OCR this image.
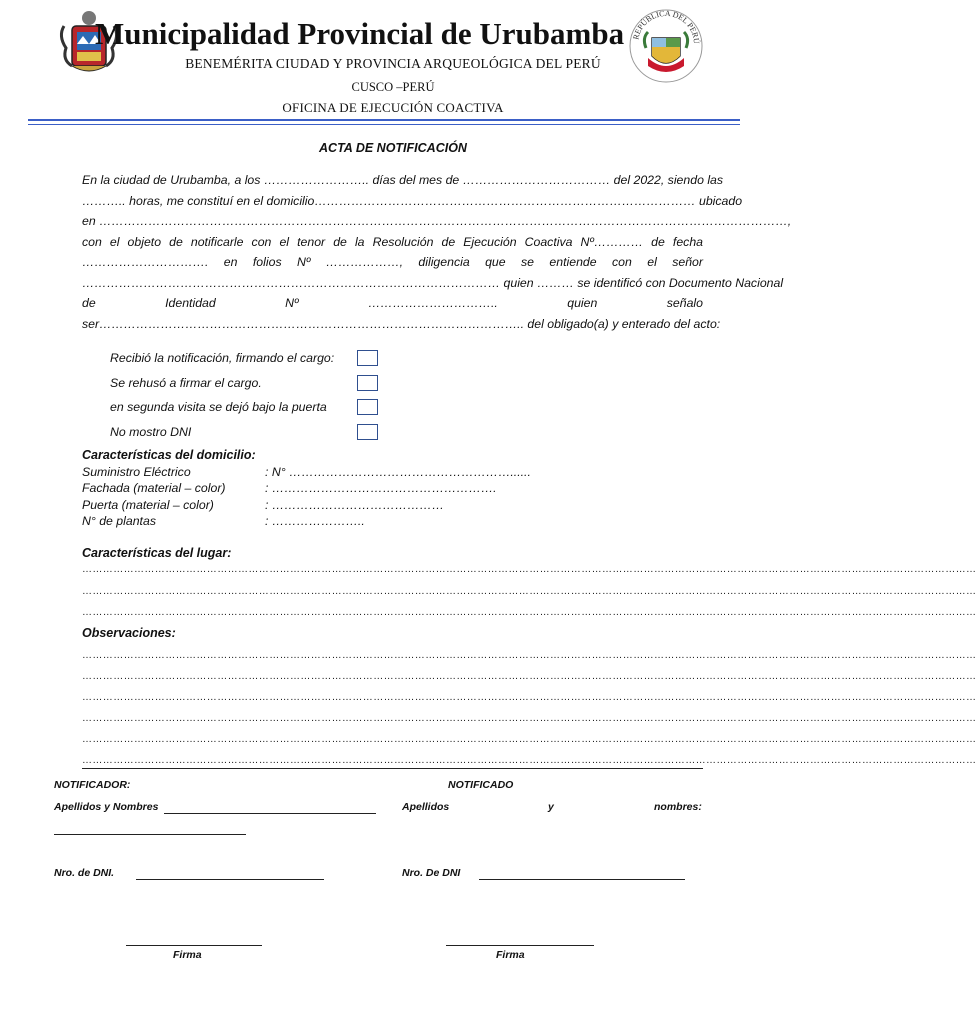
REPÚBLICA DEL PERÚ
Municipalidad Provincial de Urubamba
BENEMÉRITA CIUDAD Y PROVINCIA ARQUEOLÓGICA DEL PERÚ
CUSCO –PERÚ
OFICINA DE EJECUCIÓN COACTIVA
ACTA DE NOTIFICACIÓN
En la ciudad de Urubamba, a los …………………….. días del mes de ……………………………… del 2022, siendo las
……….. horas, me constituí en el domicilio………………………………………………………………………………… ubicado
en ……………………………………………………………………………………………………………………………………………………,
con el objeto de notificarle con el tenor de la Resolución de Ejecución Coactiva Nº………… de fecha
…………………………. en folios Nº ………………, diligencia que se entiende con el señor
………………………………………………………………………………………… quien ……… se identificó con Documento Nacional
de Identidad Nº ………………………….. quien señalo
ser………………………………………………………………………………………….. del obligado(a) y enterado del acto:
Recibió la notificación, firmando el cargo:
Se rehusó a firmar el cargo.
en segunda visita se dejó bajo la puerta
No mostro DNI
Características del domicilio:
Suministro Eléctrico	: N° ………………………………………………......
Fachada (material – color)	: ……………………………………………….
Puerta (material – color)	: ……………………………………
N° de plantas	: …………………..
Características del lugar:
……………………………………………………………………………………………………………………………………………………………………………………………………………………………………
……………………………………………………………………………………………………………………………………………………………………………………………………………………………………
……………………………………………………………………………………………………………………………………………………………………………………………………………………………………
Observaciones:
……………………………………………………………………………………………………………………………………………………………………………………………………………………………………
……………………………………………………………………………………………………………………………………………………………………………………………………………………………………
……………………………………………………………………………………………………………………………………………………………………………………………………………………………………
……………………………………………………………………………………………………………………………………………………………………………………………………………………………………
……………………………………………………………………………………………………………………………………………………………………………………………………………………………………
……………………………………………………………………………………………………………………………………………………………………………………………………………………………………
NOTIFICADOR:	NOTIFICADO
Apellidos y Nombres	Apellidos	y	nombres:
Nro. de DNI.	Nro. De DNI
Firma	Firma
